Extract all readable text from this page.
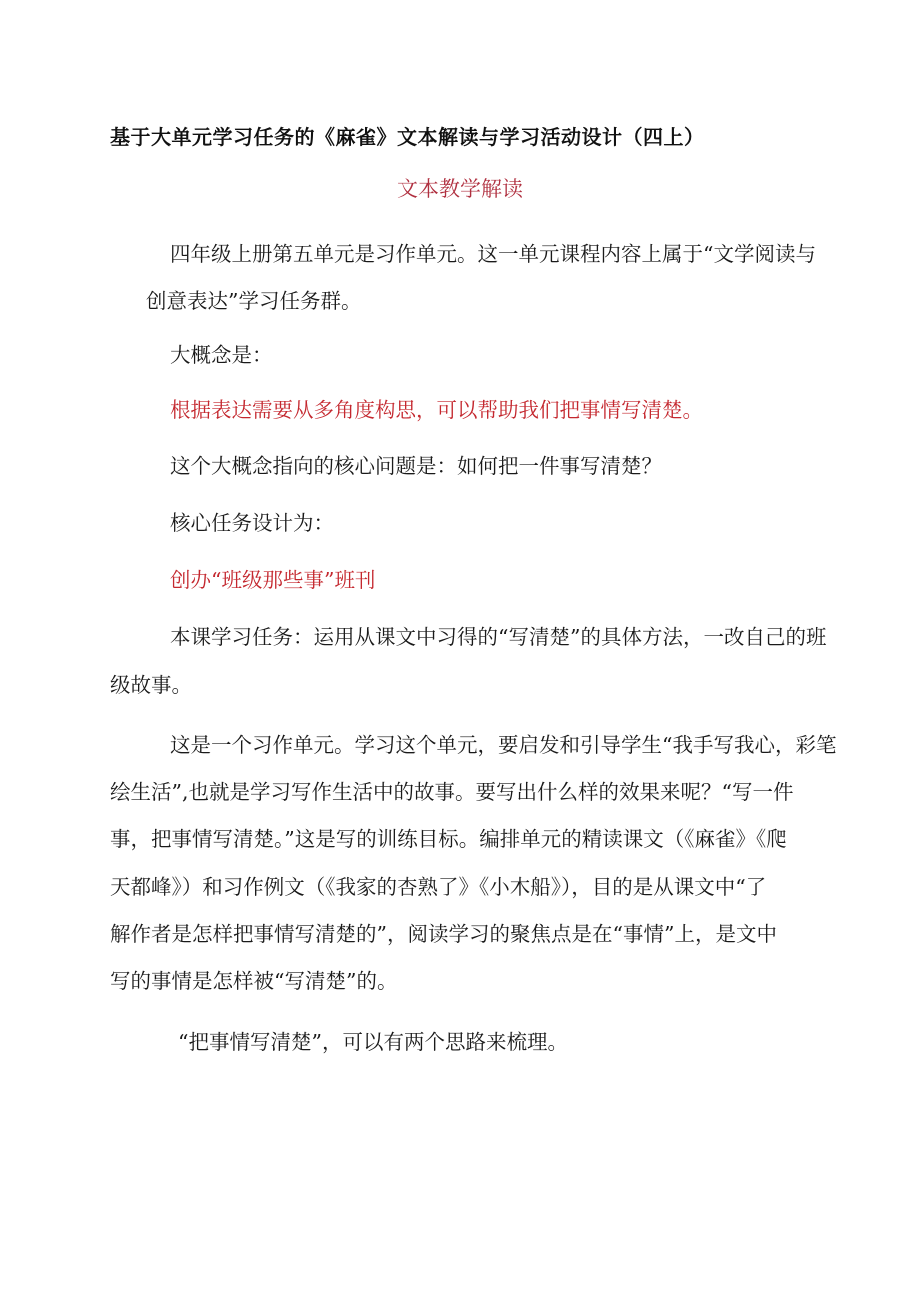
基于大单元学习任务的《麻雀》文本解读与学习活动设计（四上）
文本教学解读
四年级上册第五单元是习作单元。这一单元课程内容上属于“文学阅读与
创意表达”学习任务群。
大概念是：
根据表达需要从多角度构思，可以帮助我们把事情写清楚。
这个大概念指向的核心问题是：如何把一件事写清楚？
核心任务设计为：
创办“班级那些事”班刊
本课学习任务：运用从课文中习得的“写清楚”的具体方法，一改自己的班
级故事。
这是一个习作单元。学习这个单元，要启发和引导学生“我手写我心，彩笔
绘生活”,也就是学习写作生活中的故事。要写出什么样的效果来呢？“写一件
事，把事情写清楚。”这是写的训练目标。编排单元的精读课文（《麻雀》《爬
天都峰》）和习作例文（《我家的杏熟了》《小木船》），目的是从课文中“了
解作者是怎样把事情写清楚的”，阅读学习的聚焦点是在“事情”上，是文中
写的事情是怎样被“写清楚”的。
“把事情写清楚”，可以有两个思路来梳理。
